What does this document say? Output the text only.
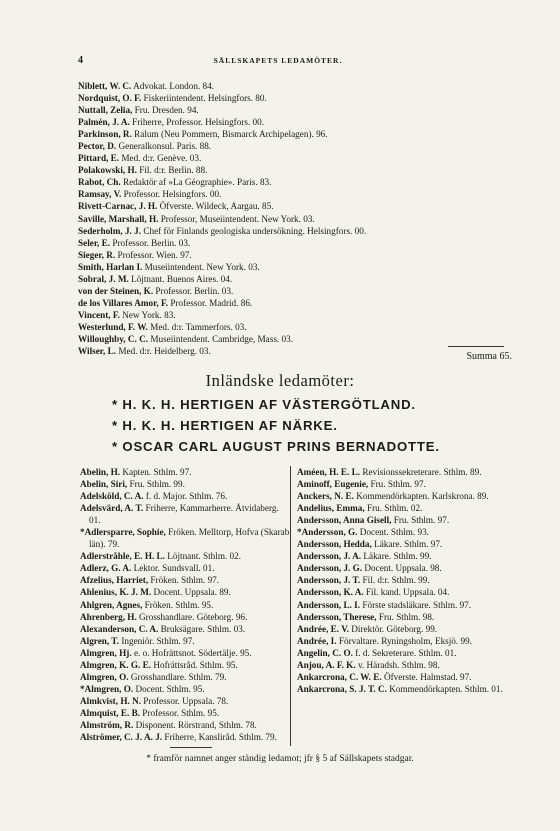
4	SÄLLSKAPETS LEDAMÖTER.
Niblett, W. C. Advokat. London. 84.
Nordquist, O. F. Fiskeriintendent. Helsingfors. 80.
Nuttall, Zelia, Fru. Dresden. 94.
Palmén, J. A. Friherre, Professor. Helsingfors. 00.
Parkinson, R. Ralum (Neu Pommern, Bismarck Archipelagen). 96.
Pector, D. Generalkonsul. Paris. 88.
Pittard, E. Med. d:r. Genève. 03.
Polakowski, H. Fil. d:r. Berlin. 88.
Rabot, Ch. Redaktör af »La Géographie». Paris. 83.
Ramsay, V. Professor. Helsingfors. 00.
Rivett-Carnac, J. H. Öfverste. Wildeck, Aargau. 85.
Saville, Marshall, H. Professor, Museiintendent. New York. 03.
Sederholm, J. J. Chef för Finlands geologiska undersökning. Helsingfors. 00.
Seler, E. Professor. Berlin. 03.
Sieger, R. Professor. Wien. 97.
Smith, Harlan I. Museiintendent. New York. 03.
Sobral, J. M. Löjtnant. Buenos Aires. 04.
von der Steinen, K. Professor. Berlin. 03.
de los Villares Amor, F. Professor. Madrid. 86.
Vincent, F. New York. 83.
Westerlund, F. W. Med. d:r. Tammerfors. 03.
Willoughby, C. C. Museiintendent. Cambridge, Mass. 03.
Wilser, L. Med. d:r. Heidelberg. 03.	Summa 65.
Inländske ledamöter:
* H. K. H. HERTIGEN AF VÄSTERGÖTLAND.
* H. K. H. HERTIGEN AF NÄRKE.
* OSCAR CARL AUGUST PRINS BERNADOTTE.
Abelin, H. Kapten. Sthlm. 97.
Abelin, Siri, Fru. Sthlm. 99.
Adelsköld, C. A. f. d. Major. Sthlm. 76.
Adelsvärd, A. T. Friherre, Kammarherre. Åtvidaberg. 01.
*Adlersparre, Sophie, Fröken. Melltorp, Hofva (Skarab. län). 79.
Adlerstråhle, E. H. L. Löjtnant. Sthlm. 02.
Adlerz, G. A. Lektor. Sundsvall. 01.
Afzelius, Harriet, Fröken. Sthlm. 97.
Ahlenius, K. J. M. Docent. Uppsala. 89.
Ahlgren, Agnes, Fröken. Sthlm. 95.
Ahrenberg, H. Grosshandlare. Göteborg. 96.
Alexanderson, C. A. Bruksägare. Sthlm. 03.
Algren, T. Ingeniör. Sthlm. 97.
Almgren, Hj. e. o. Hofrättsnot. Södertälje. 95.
Almgren, K. G. E. Hofrättsråd. Sthlm. 95.
Almgren, O. Grosshandlare. Sthlm. 79.
*Almgren, O. Docent. Sthlm. 95.
Almkvist, H. N. Professor. Uppsala. 78.
Almquist, E. B. Professor. Sthlm. 95.
Almström, R. Disponent. Rörstrand, Sthlm. 78.
Alströmer, C. J. A. J. Friherre, Kansliråd. Sthlm. 79.
Améen, H. E. L. Revisionssekreterare. Sthlm. 89.
Aminoff, Eugenie, Fru. Sthlm. 97.
Anckers, N. E. Kommendörkapten. Karlskrona. 89.
Andelius, Emma, Fru. Sthlm. 02.
Andersson, Anna Gisell, Fru. Sthlm. 97.
*Andersson, G. Docent. Sthlm. 93.
Andersson, Hedda, Läkare. Sthlm. 97.
Andersson, J. A. Läkare. Sthlm. 99.
Andersson, J. G. Docent. Uppsala. 98.
Andersson, J. T. Fil. d:r. Sthlm. 99.
Andersson, K. A. Fil. kand. Uppsala. 04.
Andersson, L. I. Förste stadsläkare. Sthlm. 97.
Andersson, Therese, Fru. Sthlm. 98.
Andrée, E. V. Direktör. Göteborg. 99.
Andrée, I. Förvaltare. Ryningsholm, Eksjö. 99.
Angelin, C. O. f. d. Sekreterare. Sthlm. 01.
Anjou, A. F. K. v. Häradsh. Sthlm. 98.
Ankarcrona, C. W. E. Öfverste. Halmstad. 97.
Ankarcrona, S. J. T. C. Kommendörkapten. Sthlm. 01.
* framför namnet anger ständig ledamot; jfr § 5 af Sällskapets stadgar.
